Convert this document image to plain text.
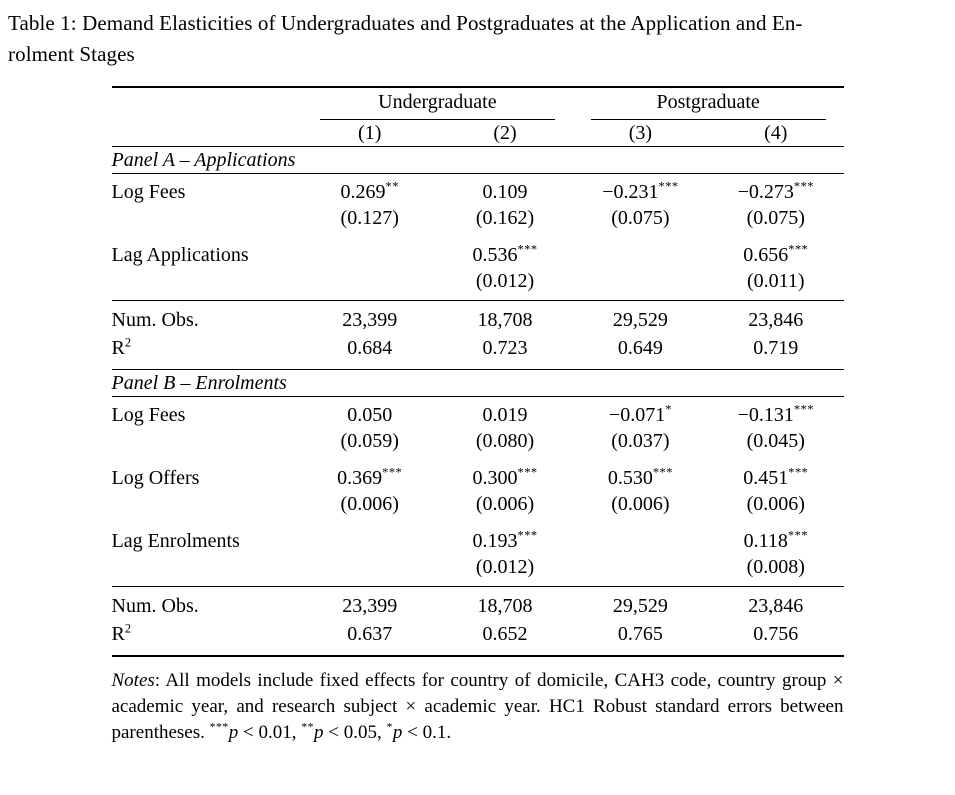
Table 1: Demand Elasticities of Undergraduates and Postgraduates at the Application and En-
rolment Stages

	Undergraduate		Postgraduate	

	(1)	(2)	(3)	(4)
Panel A – Applications				
Log Fees	0.269**	0.109	−0.231***	−0.273***
	(0.127)	(0.162)	(0.075)	(0.075)
Lag Applications		0.536***		0.656***
		(0.012)		(0.011)
Num. Obs.	23,399	18,708	29,529	23,846
$R^2$	0.684	0.723	0.649	0.719
Panel B – Enrolments				
Log Fees	0.050	0.019	−0.071*	−0.131***
	(0.059)	(0.080)	(0.037)	(0.045)
Log Offers	0.369***	0.300***	0.530***	0.451***
	(0.006)	(0.006)	(0.006)	(0.006)
Lag Enrolments		0.193***		0.118***
		(0.012)		(0.008)
Num. Obs.	23,399	18,708	29,529	23,846
$R^2$	0.637	0.652	0.765	0.756
Notes: All models include fixed effects for country of domicile, CAH3 code, country group × academic year, and research subject × academic year. HC1 Robust standard errors between parentheses. ***p < 0.01, **p < 0.05, *p < 0.1.
